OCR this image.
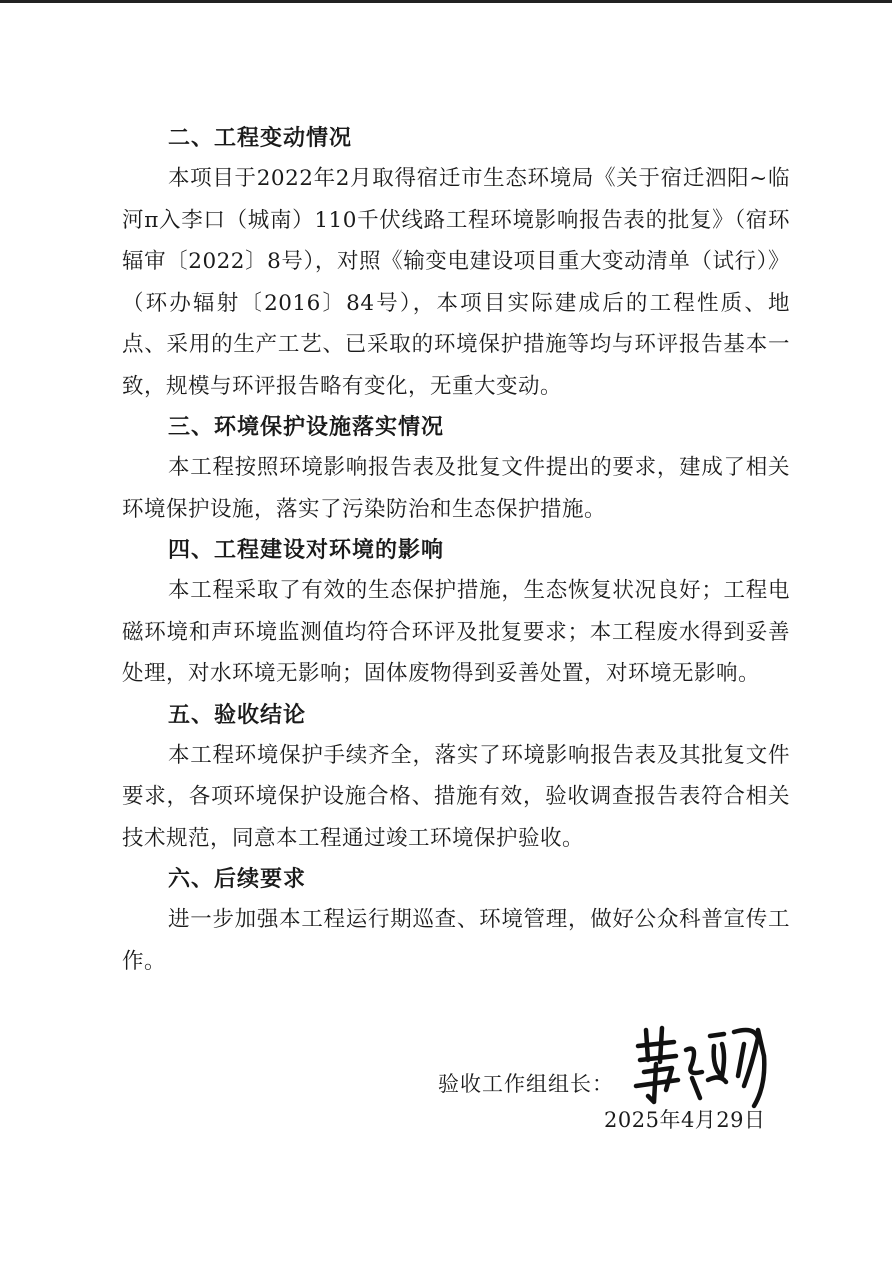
二、工程变动情况

本项目于2022年2月取得宿迁市生态环境局《关于宿迁泗阳~临河π入李口（城南）110千伏线路工程环境影响报告表的批复》（宿环辐审〔2022〕8号），对照《输变电建设项目重大变动清单（试行）》（环办辐射〔2016〕84号），本项目实际建成后的工程性质、地点、采用的生产工艺、已采取的环境保护措施等均与环评报告基本一致，规模与环评报告略有变化，无重大变动。

三、环境保护设施落实情况

本工程按照环境影响报告表及批复文件提出的要求，建成了相关环境保护设施，落实了污染防治和生态保护措施。

四、工程建设对环境的影响

本工程采取了有效的生态保护措施，生态恢复状况良好；工程电磁环境和声环境监测值均符合环评及批复要求；本工程废水得到妥善处理，对水环境无影响；固体废物得到妥善处置，对环境无影响。

五、验收结论

本工程环境保护手续齐全，落实了环境影响报告表及其批复文件要求，各项环境保护设施合格、措施有效，验收调查报告表符合相关技术规范，同意本工程通过竣工环境保护验收。

六、后续要求

进一步加强本工程运行期巡查、环境管理，做好公众科普宣传工作。

验收工作组组长：
2025年4月29日
